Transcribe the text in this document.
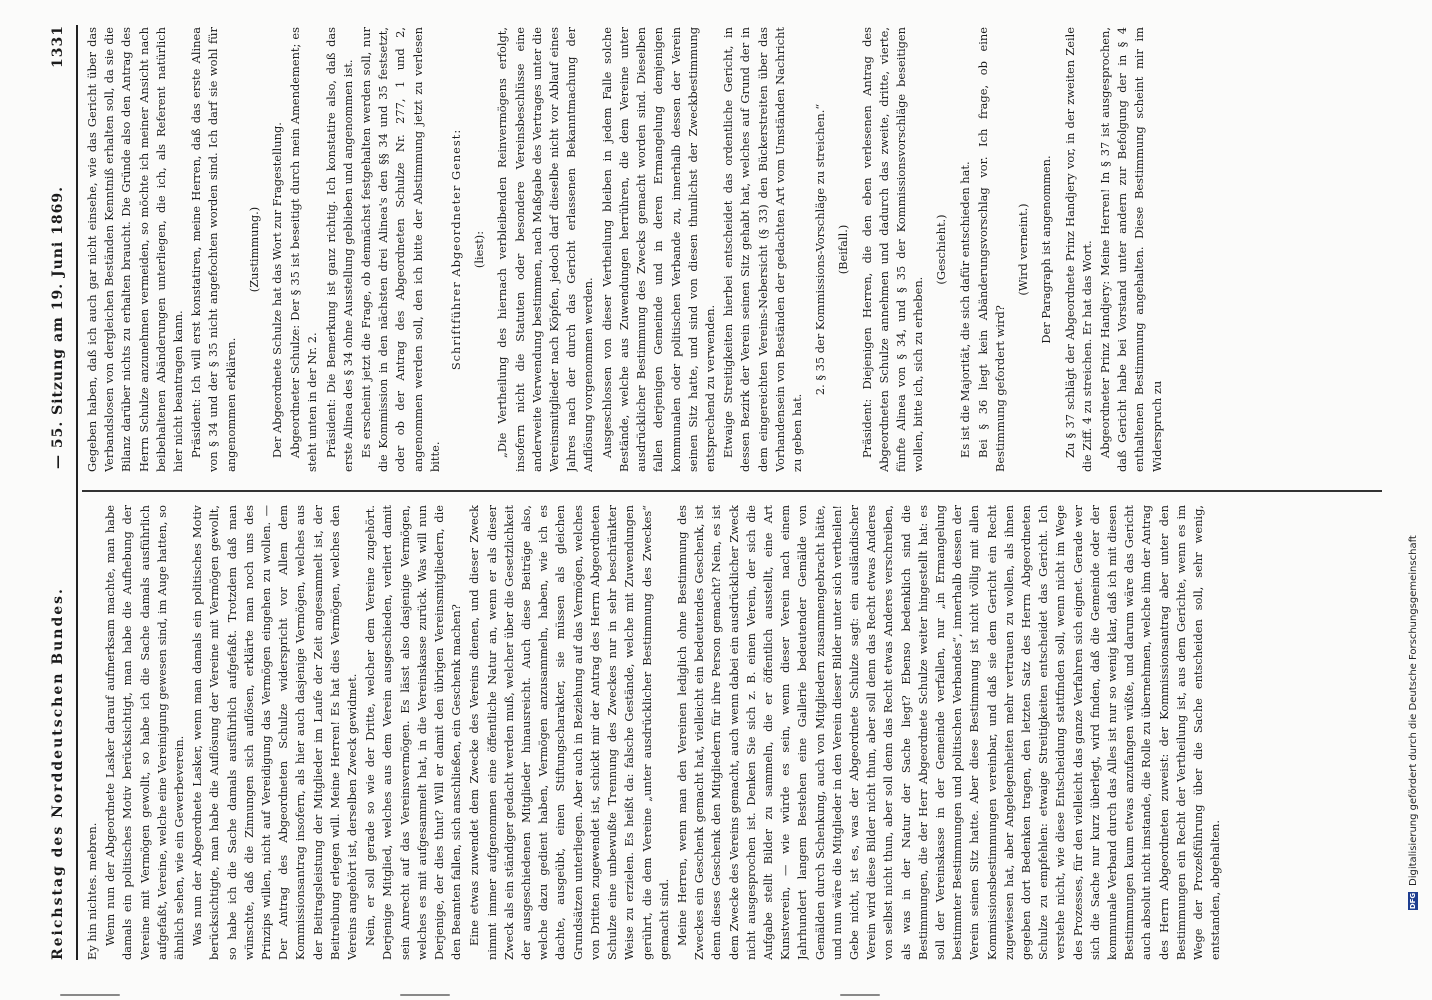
Reichstag des Norddeutschen Bundes.
— 55. Sitzung am 19. Juni 1869.
1331

Ey hin nichtes. mebren. Wenn nun der Abgeordnete Lasker darauf aufmerksam machte, man habe damals ein politisches Motiv berücksichtigt, man habe die Aufhebung der Vereine mit Vermögen gewollt, so habe ich die Sache damals ausführlich aufgefaßt, Vereine, welche eine Vereinigung gewesen sind, im Auge hatten, so ähnlich sehen, wie ein Gewerbeverein. Was nun der Abgeordnete Lasker, wenn man damals ein politisches Motiv berücksichtigte, man habe die Auflösung der Vereine mit Vermögen gewollt, so habe ich die Sache damals ausführlich aufgefaßt. Trotzdem daß man wünschte, daß die Zinnungen sich auflösen, erklärte man noch uns des Prinzips willen, nicht auf Vereidigung das Vermögen eingehen zu wollen. — Der Antrag des Abgeordneten Schulze widerspricht vor Allem dem Kommissionsantrag insofern, als hier auch dasjenige Vermögen, welches aus der Beitragsleistung der Mitglieder im Laufe der Zeit angesammelt ist, der Beitreibung erlegen will. Meine Herren! Es hat dies Vermögen, welches den Vereins angehört ist, derselben Zweck gewidmet. Nein, er soll gerade so wie der Dritte, welcher dem Vereine zugehört. Derjenige Mitglied, welches aus dem Verein ausgeschieden, verliert damit sein Anrecht auf das Vereinsvermögen. Es lässt also dasjenige Vermögen, welches es mit aufgesammelt hat, in die Vereinskasse zurück. Was will nun Derjenige, der dies thut? Will er damit den übrigen Vereinsmitgliedern, die den Beamten fallen, sich anschließen, ein Geschenk machen? Eine etwas zuwendet dem Zwecke des Vereins dienen, und dieser Zweck nimmt immer aufgenommen eine öffentliche Natur an, wenn er als dieser Zweck als ein ständiger gedacht werden muß, welcher über die Gesetzlichkeit der ausgeschiedenen Mitglieder hinausreicht. Auch diese Beiträge also, welche dazu gedient haben, Vermögen anzusammeln, haben, wie ich es dachte, ausgeübt, einen Stiftungscharakter, sie müssen als gleichen Grundsätzen unterliegen. Aber auch in Beziehung auf das Vermögen, welches von Dritten zugewendet ist, schickt mir der Antrag des Herrn Abgeordneten Schulze eine unbewußte Trennung des Zweckes nur in sehr beschränkter Weise zu erzielen. Es heißt da: falsche Gestände, welche mit Zuwendungen gerührt, die dem Vereine „unter ausdrücklicher Bestimmung des Zweckes“ gemacht sind. Meine Herren, wenn man den Vereinen lediglich ohne Bestimmung des Zweckes ein Geschenk gemacht hat, vielleicht ein bedeutendes Geschenk, ist denn dieses Geschenk den Mitgliedern für ihre Person gemacht? Nein, es ist dem Zwecke des Vereins gemacht, auch wenn dabei ein ausdrücklicher Zweck nicht ausgesprochen ist. Denken Sie sich z. B. einen Verein, der sich die Aufgabe stellt Bilder zu sammeln, die er öffentlich ausstellt, eine Art Kunstverein, — wie würde es sein, wenn dieser Verein nach einem Jahrhundert langem Bestehen eine Gallerie bedeutender Gemälde von Gemälden durch Schenkung, auch von Mitgliedern zusammengebracht hätte, und nun wäre die Mitglieder in den Verein dieser Bilder unter sich vertheilen! Gebe nicht, ist es, was der Abgeordnete Schulze sagt: ein ausländischer Verein wird diese Bilder nicht thun, aber soll denn das Recht etwas Anderes von selbst nicht thun, aber soll denn das Recht etwas Anderes verschreiben, als was in der Natur der Sache liegt? Ebenso bedenklich sind die Bestimmungen, die der Herr Abgeordnete Schulze weiter hingestellt hat: es soll der Vereinskasse in der Gemeinde verfallen, nur „in Ermangelung bestimmter Bestimmungen und politischen Verbandes“, innerhalb dessen der Verein seinen Sitz hatte. Aber diese Bestimmung ist nicht völlig mit allen Kommissionsbestimmungen vereinbar, und daß sie dem Gericht ein Recht zugewiesen hat, aber Angelegenheiten mehr vertrauen zu wollen, als ihnen gegeben dort Bedenken tragen, den letzten Satz des Herrn Abgeordneten Schulze zu empfehlen: etwaige Streitigkeiten entscheidet das Gericht. Ich verstehe nicht, wie diese Entscheidung stattfinden soll, wenn nicht im Wege des Prozesses, für den vielleicht das ganze Verfahren sich eignet. Gerade wer sich die Sache nur kurz überlegt, wird finden, daß die Gemeinde oder der kommunale Verband durch das Alles ist nur so wenig klar, daß ich mit diesen Bestimmungen kaum etwas anzufangen wüßte, und darum wäre das Gericht auch absolut nicht imstande, die Rolle zu übernehmen, welche ihm der Antrag des Herrn Abgeordneten zuweist: der Kommissionsantrag aber unter den Bestimmungen ein Recht der Vertheilung ist, aus dem Gerichte, wenn es im Wege der Prozeßführung über die Sache entscheiden soll, sehr wenig, entstanden, abgehalten.

Gegeben haben, daß ich auch gar nicht einsehe, wie das Gericht über das Verbandslosen von dergleichen Beständen Kenntniß erhalten soll, da sie die Bilanz darüber nichts zu erhalten braucht. Die Gründe also den Antrag des Herrn Schulze anzunehmen vermeiden, so möchte ich meiner Ansicht nach beibehaltenen Abänderungen unterliegen, die ich, als Referent natürlich hier nicht beantragen kann. Präsident: Ich will erst konstatiren, meine Herren, daß das erste Alinea von § 34 und der § 35 nicht angefochten worden sind. Ich darf sie wohl für angenommen erklären.

(Zustimmung.) Der Abgeordnete Schulze hat das Wort zur Fragestellung. Abgeordneter Schulze: Der § 35 ist beseitigt durch mein Amendement; es steht unten in der Nr. 2. Präsident: Die Bemerkung ist ganz richtig. Ich konstatire also, daß das erste Alinea des § 34 ohne Ausstellung geblieben und angenommen ist. Es erscheint jetzt die Frage, ob demnächst festgehalten werden soll, nur die Kommission in den nächsten drei Alinea's den §§ 34 und 35 festsetzt, oder ob der Antrag des Abgeordneten Schulze Nr. 277, 1 und 2, angenommen werden soll, den ich bitte der Abstimmung jetzt zu verlesen bitte.

Schriftführer Abgeordneter Genest: (liest): „Die Vertheilung des hiernach verbleibenden Reinvermögens erfolgt, insofern nicht die Statuten oder besondere Vereinsbeschlüsse eine anderweite Verwendung bestimmen, nach Maßgabe des Vertrages unter die Vereinsmitglieder nach Köpfen, jedoch darf dieselbe nicht vor Ablauf eines Jahres nach der durch das Gericht erlassenen Bekanntmachung der Auflösung vorgenommen werden. Ausgeschlossen von dieser Vertheilung bleiben in jedem Falle solche Bestände, welche aus Zuwendungen herrühren, die dem Vereine unter ausdrücklicher Bestimmung des Zwecks gemacht worden sind. Dieselben fallen derjenigen Gemeinde und in deren Ermangelung demjenigen kommunalen oder politischen Verbande zu, innerhalb dessen der Verein seinen Sitz hatte, und sind von diesen thunlichst der Zweckbestimmung entsprechend zu verwenden. Etwaige Streitigkeiten hierbei entscheidet das ordentliche Gericht, in dessen Bezirk der Verein seinen Sitz gehabt hat, welches auf Grund der in dem eingereichten Vereins-Nebersicht (§ 33) den Bückerstreiten über das Vorhandensein von Beständen der gedachten Art vom Umständen Nachricht zu geben hat.

2. § 35 der Kommissions-Vorschläge zu streichen.“ (Beifall.) Präsident: Diejenigen Herren, die den eben verlesenen Antrag des Abgeordneten Schulze annehmen und dadurch das zweite, dritte, vierte, fünfte Alinea von § 34, und § 35 der Kommissionsvorschläge beseitigen wollen, bitte ich, sich zu erheben.

(Geschieht.) Es ist die Majorität, die sich dafür entschieden hat. Bei § 36 liegt kein Abänderungsvorschlag vor. Ich frage, ob eine Bestimmung gefordert wird?

(Wird verneint.) Der Paragraph ist angenommen. Zu § 37 schlägt der Abgeordnete Prinz Handjery vor, in der zweiten Zeile die Ziff. 4 zu streichen. Er hat das Wort. Abgeordneter Prinz Handjery: Meine Herren! In § 37 ist ausgesprochen, daß Gericht habe bei Vorstand unter andern zur Befolgung der in § 4 enthaltenen Bestimmung angehalten. Diese Bestimmung scheint mir im Widerspruch zu

DFG
Digitalisierung gefördert durch die Deutsche Forschungsgemeinschaft
